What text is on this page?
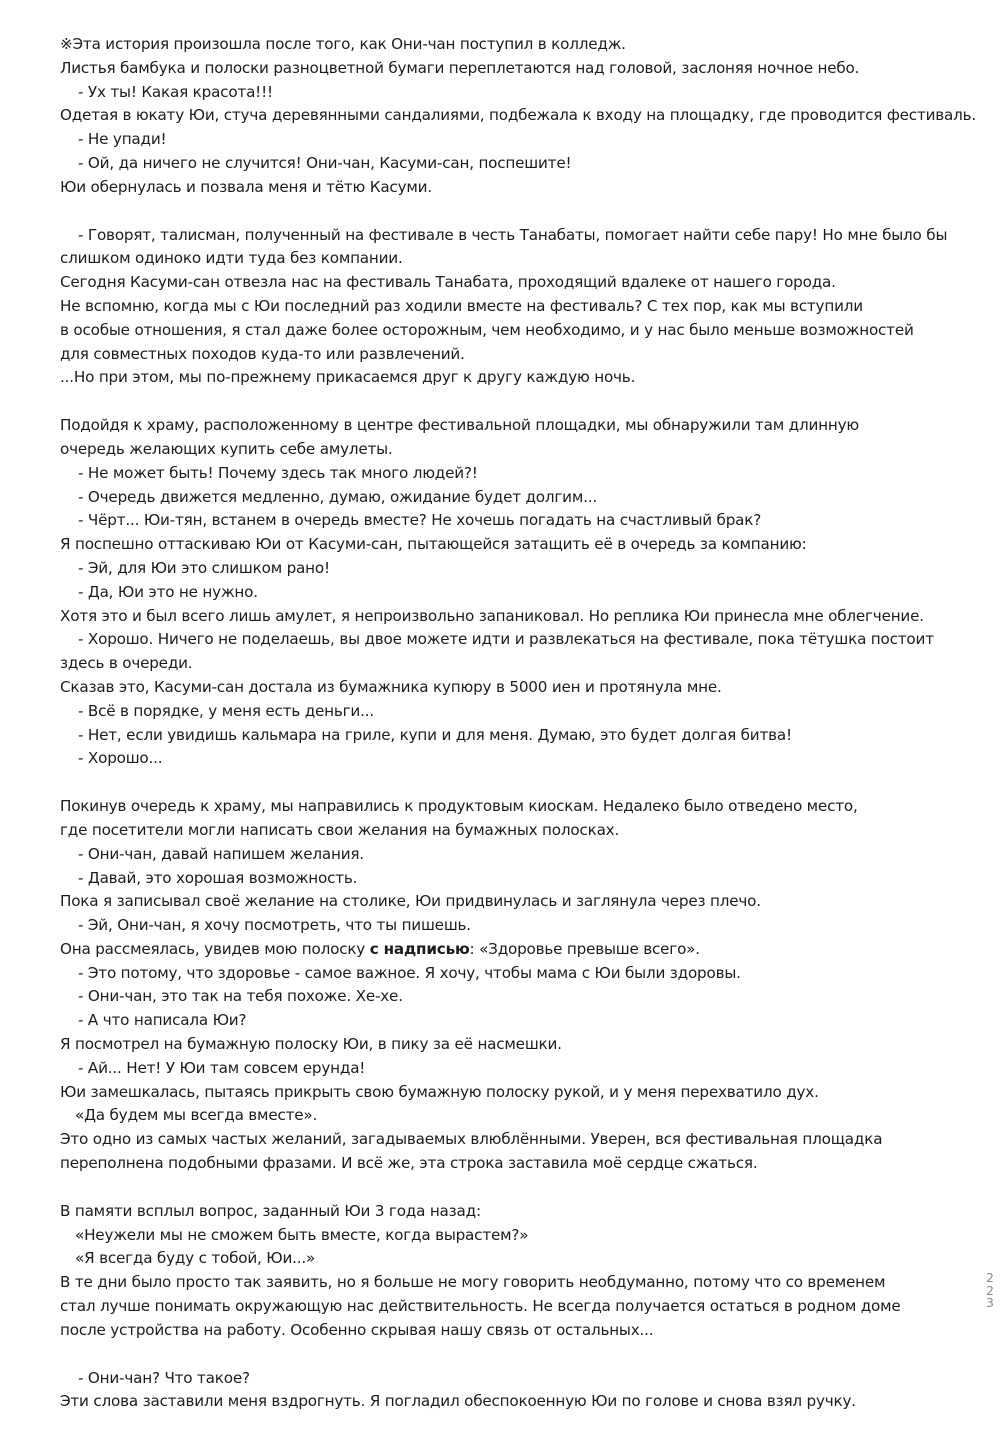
※Эта история произошла после того, как Они-чан поступил в колледж.
Листья бамбука и полоски разноцветной бумаги переплетаются над головой, заслоняя ночное небо.
- Ух ты! Какая красота!!!
Одетая в юкату Юи, стуча деревянными сандалиями, подбежала к входу на площадку, где проводится фестиваль.
- Не упади!
- Ой, да ничего не случится! Они-чан, Касуми-сан, поспешите!
Юи обернулась и позвала меня и тётю Касуми.
- Говорят, талисман, полученный на фестивале в честь Танабаты, помогает найти себе пару! Но мне было бы
слишком одиноко идти туда без компании.
Сегодня Касуми-сан отвезла нас на фестиваль Танабата, проходящий вдалеке от нашего города.
Не вспомню, когда мы с Юи последний раз ходили вместе на фестиваль? С тех пор, как мы вступили
в особые отношения, я стал даже более осторожным, чем необходимо, и у нас было меньше возможностей
для совместных походов куда-то или развлечений.
...Но при этом, мы по-прежнему прикасаемся друг к другу каждую ночь.
Подойдя к храму, расположенному в центре фестивальной площадки, мы обнаружили там длинную
очередь желающих купить себе амулеты.
- Не может быть! Почему здесь так много людей?!
- Очередь движется медленно, думаю, ожидание будет долгим...
- Чёрт... Юи-тян, встанем в очередь вместе? Не хочешь погадать на счастливый брак?
Я поспешно оттаскиваю Юи от Касуми-сан, пытающейся затащить её в очередь за компанию:
- Эй, для Юи это слишком рано!
- Да, Юи это не нужно.
Хотя это и был всего лишь амулет, я непроизвольно запаниковал. Но реплика Юи принесла мне облегчение.
- Хорошо. Ничего не поделаешь, вы двое можете идти и развлекаться на фестивале, пока тётушка постоит
здесь в очереди.
Сказав это, Касуми-сан достала из бумажника купюру в 5000 иен и протянула мне.
- Всё в порядке, у меня есть деньги...
- Нет, если увидишь кальмара на гриле, купи и для меня. Думаю, это будет долгая битва!
- Хорошо...
Покинув очередь к храму, мы направились к продуктовым киоскам. Недалеко было отведено место,
где посетители могли написать свои желания на бумажных полосках.
- Они-чан, давай напишем желания.
- Давай, это хорошая возможность.
Пока я записывал своё желание на столике, Юи придвинулась и заглянула через плечо.
- Эй, Они-чан, я хочу посмотреть, что ты пишешь.
Она рассмеялась, увидев мою полоску с надписью: «Здоровье превыше всего».
- Это потому, что здоровье - самое важное. Я хочу, чтобы мама с Юи были здоровы.
- Они-чан, это так на тебя похоже. Хе-хе.
- А что написала Юи?
Я посмотрел на бумажную полоску Юи, в пику за её насмешки.
- Ай... Нет! У Юи там совсем ерунда!
Юи замешкалась, пытаясь прикрыть свою бумажную полоску рукой, и у меня перехватило дух.
«Да будем мы всегда вместе».
Это одно из самых частых желаний, загадываемых влюблёнными. Уверен, вся фестивальная площадка
переполнена подобными фразами. И всё же, эта строка заставила моё сердце сжаться.
В памяти всплыл вопрос, заданный Юи 3 года назад:
«Неужели мы не сможем быть вместе, когда вырастем?»
«Я всегда буду с тобой, Юи...»
В те дни было просто так заявить, но я больше не могу говорить необдуманно, потому что со временем
стал лучше понимать окружающую нас действительность. Не всегда получается остаться в родном доме
после устройства на работу. Особенно скрывая нашу связь от остальных...
- Они-чан? Что такое?
Эти слова заставили меня вздрогнуть. Я погладил обеспокоенную Юи по голове и снова взял ручку.
2
2
3
